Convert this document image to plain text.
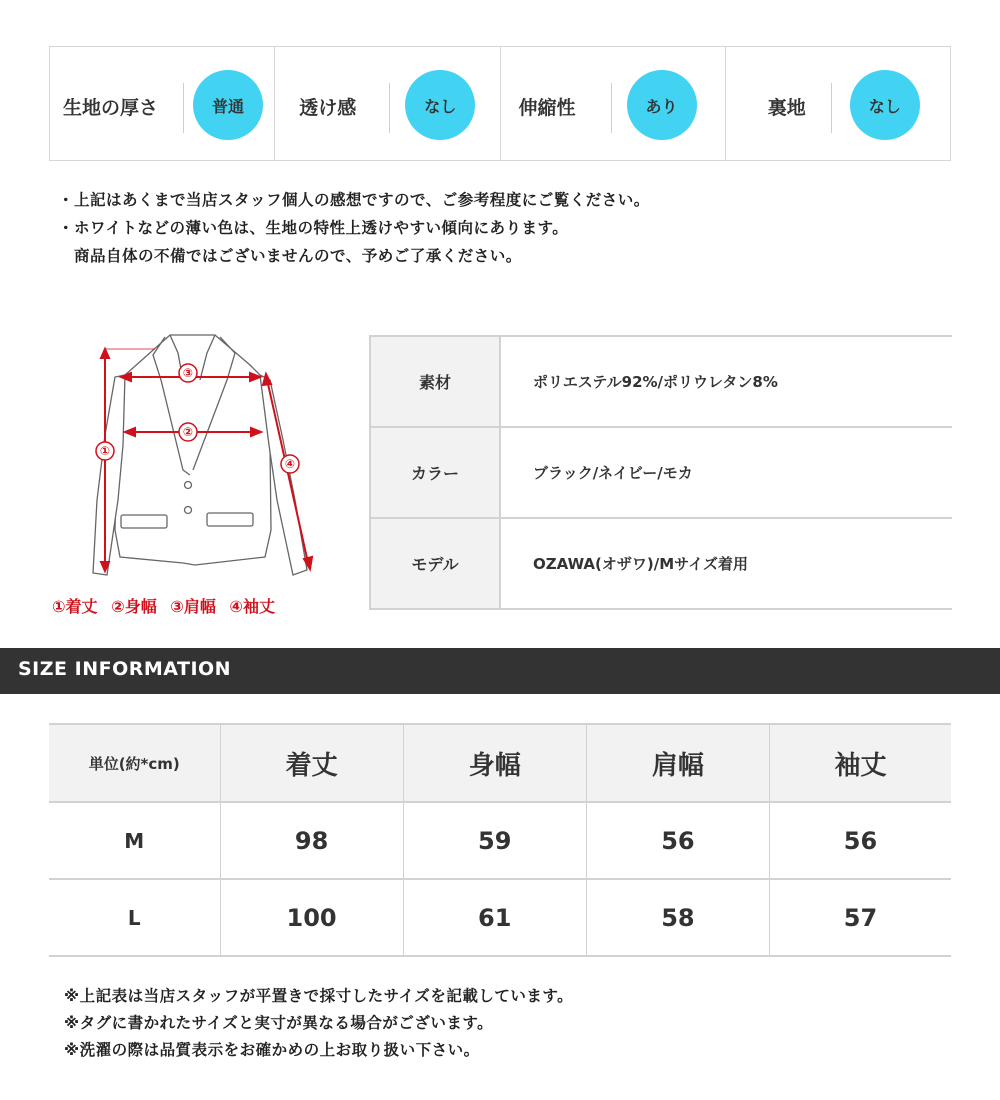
生地の厚さ	普通	透け感	なし	伸縮性	あり	裏地	なし
・上記はあくまで当店スタッフ個人の感想ですので、ご参考程度にご覧ください。
・ホワイトなどの薄い色は、生地の特性上透けやすい傾向にあります。
商品自体の不備ではございませんので、予めご了承ください。
①
②
③
④
①着丈 ②身幅 ③肩幅 ④袖丈
素材	ポリエステル92%/ポリウレタン8%
カラー	ブラック/ネイビー/モカ
モデル	OZAWA(オザワ)/Mサイズ着用
SIZE INFORMATION
単位(約*cm)	着丈	身幅	肩幅	袖丈
M	98	59	56	56
L	100	61	58	57
※上記表は当店スタッフが平置きで採寸したサイズを記載しています。
※タグに書かれたサイズと実寸が異なる場合がございます。
※洗濯の際は品質表示をお確かめの上お取り扱い下さい。
